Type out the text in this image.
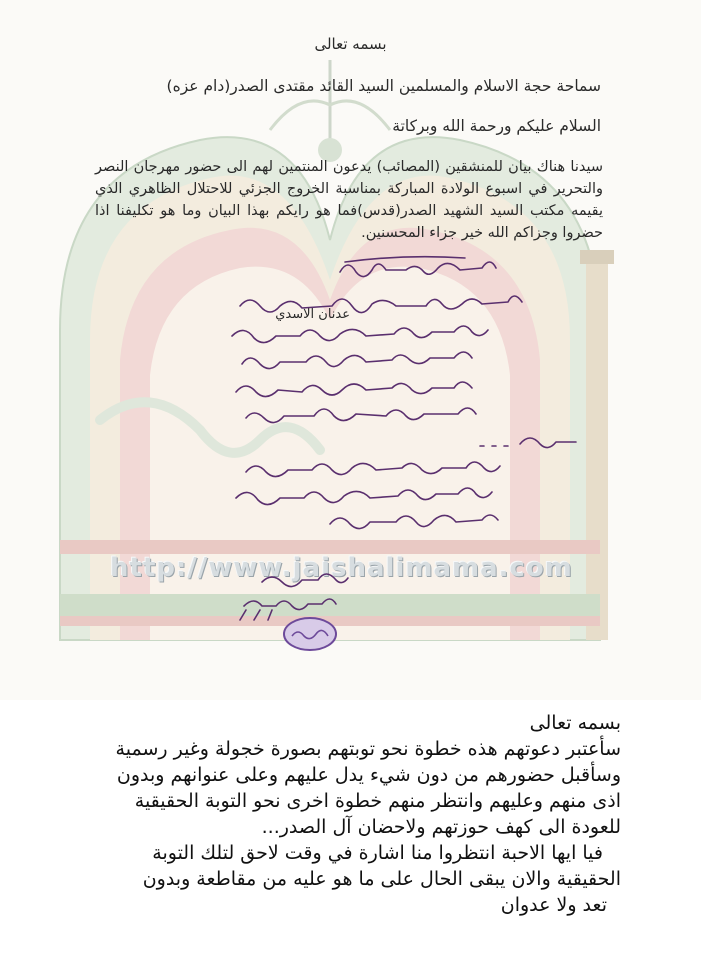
http://www.jaishalimama.com
بسمه تعالى
سماحة حجة الاسلام والمسلمين السيد القائد مقتدى الصدر(دام عزه)
السلام عليكم ورحمة الله وبركاتة
سيدنا هناك بيان للمنشقين (المصائب) يدعون المنتمين لهم الى حضور مهرجان النصر والتحرير في اسبوع الولادة المباركة بمناسبة الخروج الجزئي للاحتلال الظاهري الذي يقيمه مكتب السيد الشهيد الصدر(قدس)فما هو رايكم بهذا البيان وما هو تكليفنا اذا حضروا وجزاكم الله خير جزاء المحسنين.
عدنان الاسدي

بسمه تعالى

سأعتبر دعوتهم هذه خطوة نحو توبتهم بصورة خجولة وغير رسمية

وسأقبل حضورهم من دون شيء يدل عليهم وعلى عنوانهم وبدون

اذى منهم وعليهم وانتظر منهم خطوة اخرى نحو التوبة الحقيقية

للعودة الى كهف حوزتهم ولاحضان آل الصدر...

فيا ايها الاحبة انتظروا منا اشارة في وقت لاحق لتلك التوبة

الحقيقية والان يبقى الحال على ما هو عليه من مقاطعة وبدون

تعد ولا عدوان
